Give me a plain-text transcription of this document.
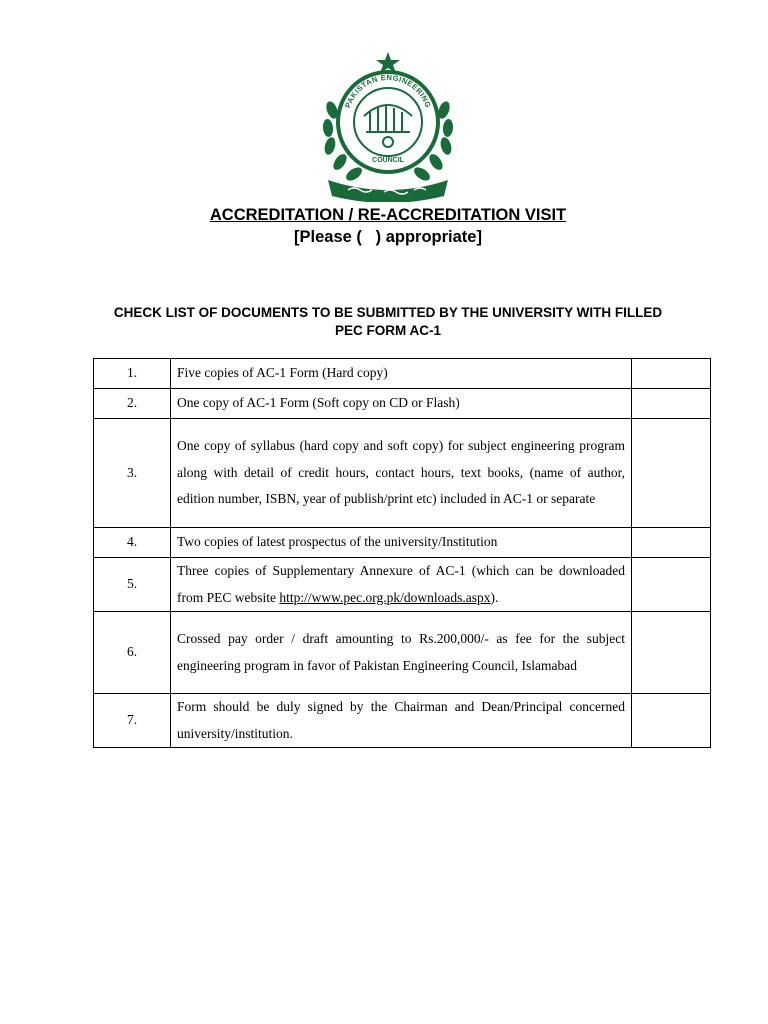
PAKISTAN ENGINEERING
COUNCIL
ACCREDITATION / RE-ACCREDITATION VISIT
[Please (   ) appropriate]
CHECK LIST OF DOCUMENTS TO BE SUBMITTED BY THE UNIVERSITY WITH FILLED PEC FORM AC-1
1.	Five copies of AC-1 Form (Hard copy)	

2.	One copy of AC-1 Form (Soft copy on CD or Flash)	

3.	One copy of syllabus (hard copy and soft copy) for subject engineering program along with detail of credit hours, contact hours, text books, (name of author, edition number, ISBN, year of publish/print etc) included in AC-1 or separate	

4.	Two copies of latest prospectus of the university/Institution	

5.	Three copies of Supplementary Annexure of AC-1 (which can be downloaded from PEC website http://www.pec.org.pk/downloads.aspx).	

6.	Crossed pay order / draft amounting to Rs.200,000/- as fee for the subject engineering program in favor of Pakistan Engineering Council, Islamabad	

7.	Form should be duly signed by the Chairman and Dean/Principal concerned university/institution.	
